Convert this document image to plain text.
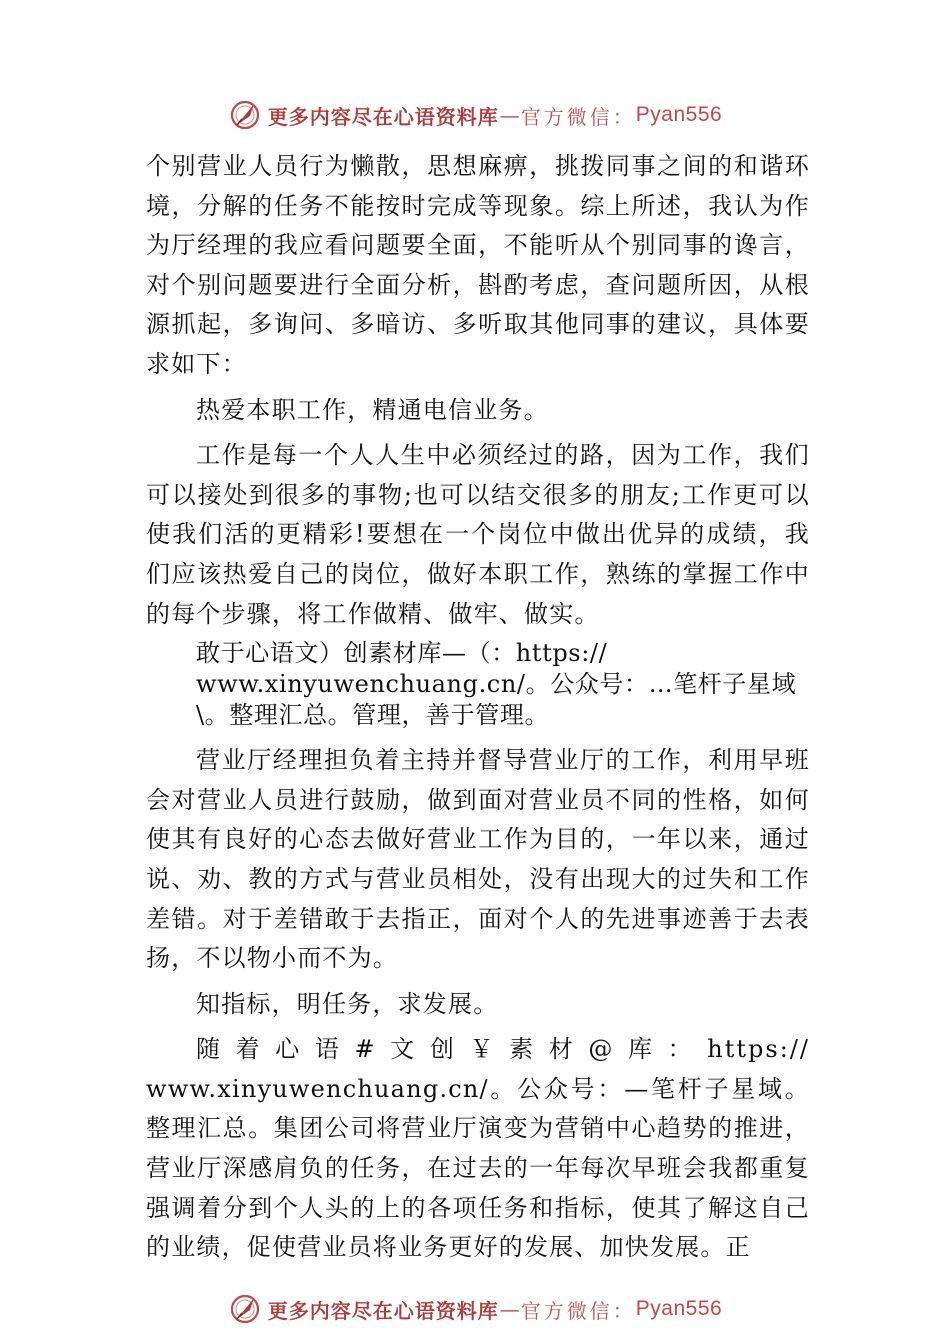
更多内容尽在心语资料库 — 官方微信： Pyan556

个别营业人员行为懒散，思想麻痹，挑拨同事之间的和谐环境，分解的任务不能按时完成等现象。综上所述，我认为作为厅经理的我应看问题要全面，不能听从个别同事的谗言， 对个别问题要进行全面分析，斟酌考虑，查问题所因，从根源抓起，多询问、多暗访、多听取其他同事的建议，具体要求如下：

热爱本职工作，精通电信业务。

工作是每一个人人生中必须经过的路，因为工作，我们可以接处到很多的事物;也可以结交很多的朋友;工作更可以使我们活的更精彩!要想在一个岗位中做出优异的成绩，我们应该热爱自己的岗位，做好本职工作，熟练的掌握工作中的每个步骤，将工作做精、做牢、做实。

敢于心语文）创素材库—（：https://

www.xinyuwenchuang.cn/。公众号：…笔杆子星域\。整理汇总。管理，善于管理。

营业厅经理担负着主持并督导营业厅的工作，利用早班会对营业人员进行鼓励，做到面对营业员不同的性格，如何使其有良好的心态去做好营业工作为目的，一年以来，通过说、劝、教的方式与营业员相处，没有出现大的过失和工作差错。对于差错敢于去指正，面对个人的先进事迹善于去表扬，不以物小而不为。

知指标，明任务，求发展。

随着心语#文创￥素材@库：https://

www.xinyuwenchuang.cn/。公众号：—笔杆子星域。整理汇总。集团公司将营业厅演变为营销中心趋势的推进，营业厅深感肩负的任务，在过去的一年每次早班会我都重复强调着分到个人头的上的各项任务和指标，使其了解这自己的业绩，促使营业员将业务更好的发展、加快发展。正

更多内容尽在心语资料库 — 官方微信： Pyan556
